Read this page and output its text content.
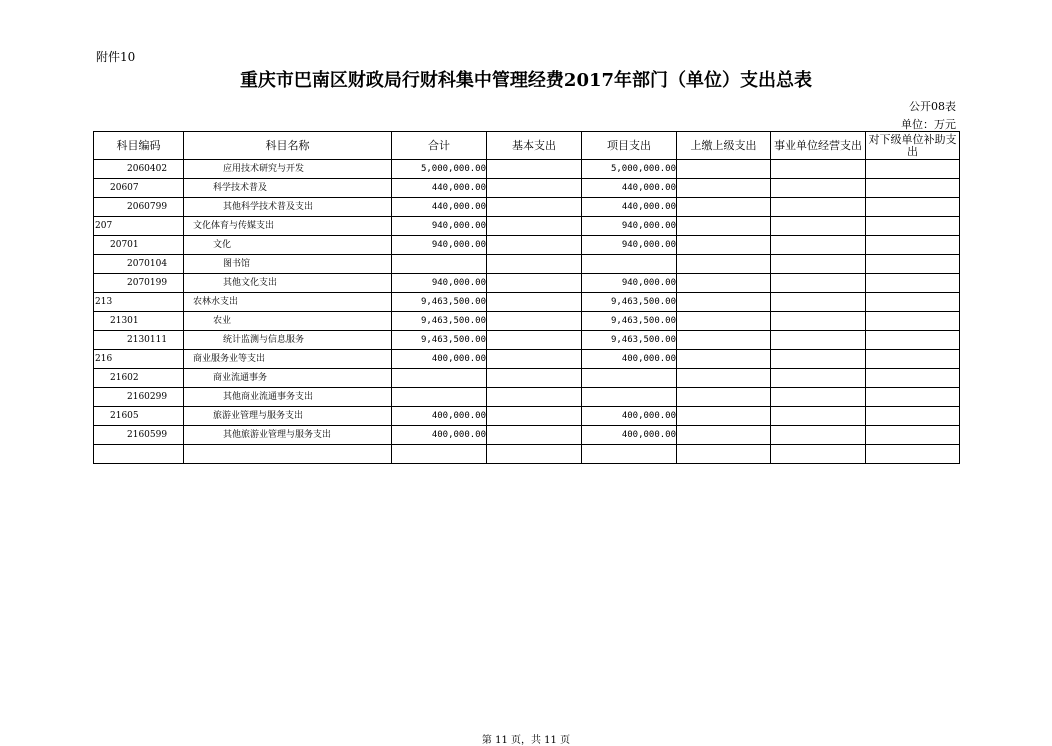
附件10
重庆市巴南区财政局行财科集中管理经费2017年部门（单位）支出总表
公开08表
单位：万元
科目编码	科目名称	合计	基本支出	项目支出	上缴上级支出	事业单位经营支出	对下级单位补助支出
2060402	应用技术研究与开发	5,000,000.00		5,000,000.00			
20607	科学技术普及	440,000.00		440,000.00			
2060799	其他科学技术普及支出	440,000.00		440,000.00			
207	文化体育与传媒支出	940,000.00		940,000.00			
20701	文化	940,000.00		940,000.00			
2070104	图书馆						
2070199	其他文化支出	940,000.00		940,000.00			
213	农林水支出	9,463,500.00		9,463,500.00			
21301	农业	9,463,500.00		9,463,500.00			
2130111	统计监测与信息服务	9,463,500.00		9,463,500.00			
216	商业服务业等支出	400,000.00		400,000.00			
21602	商业流通事务						
2160299	其他商业流通事务支出						
21605	旅游业管理与服务支出	400,000.00		400,000.00			
2160599	其他旅游业管理与服务支出	400,000.00		400,000.00			

第 11 页，共 11 页
